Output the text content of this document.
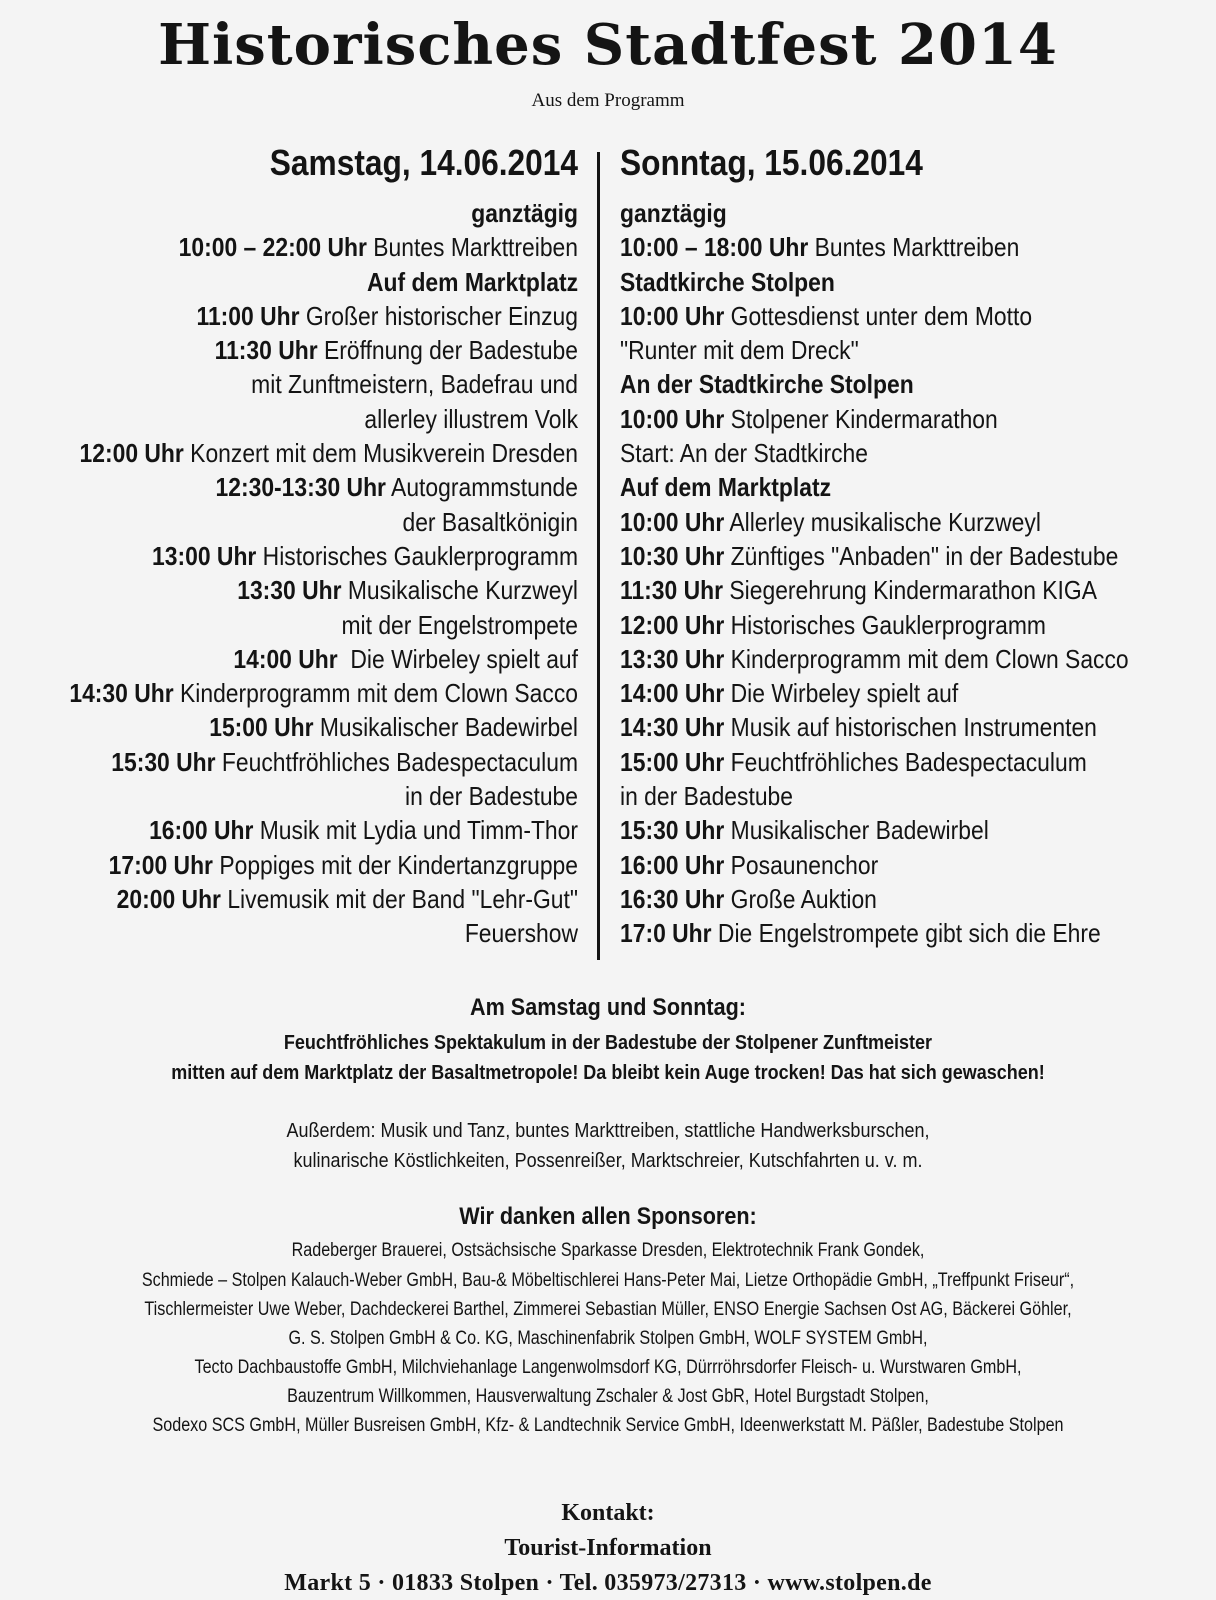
Historisches Stadtfest 2014
Aus dem Programm
Samstag, 14.06.2014
ganztägig
10:00 – 22:00 Uhr Buntes Markttreiben
Auf dem Marktplatz
11:00 Uhr Großer historischer Einzug
11:30 Uhr Eröffnung der Badestube
mit Zunftmeistern, Badefrau und
allerley illustrem Volk
12:00 Uhr Konzert mit dem Musikverein Dresden
12:30-13:30 Uhr Autogrammstunde
der Basaltkönigin
13:00 Uhr Historisches Gauklerprogramm
13:30 Uhr Musikalische Kurzweyl
mit der Engelstrompete
14:00 Uhr  Die Wirbeley spielt auf
14:30 Uhr Kinderprogramm mit dem Clown Sacco
15:00 Uhr Musikalischer Badewirbel
15:30 Uhr Feuchtfröhliches Badespectaculum
in der Badestube
16:00 Uhr Musik mit Lydia und Timm-Thor
17:00 Uhr Poppiges mit der Kindertanzgruppe
20:00 Uhr Livemusik mit der Band "Lehr-Gut"
Feuershow
Sonntag, 15.06.2014
ganztägig
10:00 – 18:00 Uhr Buntes Markttreiben
Stadtkirche Stolpen
10:00 Uhr Gottesdienst unter dem Motto
"Runter mit dem Dreck"
An der Stadtkirche Stolpen
10:00 Uhr Stolpener Kindermarathon
Start: An der Stadtkirche
Auf dem Marktplatz
10:00 Uhr Allerley musikalische Kurzweyl
10:30 Uhr Zünftiges "Anbaden" in der Badestube
11:30 Uhr Siegerehrung Kindermarathon KIGA
12:00 Uhr Historisches Gauklerprogramm
13:30 Uhr Kinderprogramm mit dem Clown Sacco
14:00 Uhr Die Wirbeley spielt auf
14:30 Uhr Musik auf historischen Instrumenten
15:00 Uhr Feuchtfröhliches Badespectaculum
in der Badestube
15:30 Uhr Musikalischer Badewirbel
16:00 Uhr Posaunenchor
16:30 Uhr Große Auktion
17:0 Uhr Die Engelstrompete gibt sich die Ehre
Am Samstag und Sonntag:
Feuchtfröhliches Spektakulum in der Badestube der Stolpener Zunftmeister
mitten auf dem Marktplatz der Basaltmetropole! Da bleibt kein Auge trocken! Das hat sich gewaschen!
Außerdem: Musik und Tanz, buntes Markttreiben, stattliche Handwerksburschen,
kulinarische Köstlichkeiten, Possenreißer, Marktschreier, Kutschfahrten u. v. m.
Wir danken allen Sponsoren:
Radeberger Brauerei, Ostsächsische Sparkasse Dresden, Elektrotechnik Frank Gondek,
Schmiede – Stolpen Kalauch-Weber GmbH, Bau-& Möbeltischlerei Hans-Peter Mai, Lietze Orthopädie GmbH, „Treffpunkt Friseur“,
Tischlermeister Uwe Weber, Dachdeckerei Barthel, Zimmerei Sebastian Müller, ENSO Energie Sachsen Ost AG, Bäckerei Göhler,
G. S. Stolpen GmbH & Co. KG, Maschinenfabrik Stolpen GmbH, WOLF SYSTEM GmbH,
Tecto Dachbaustoffe GmbH, Milchviehanlage Langenwolmsdorf KG, Dürrröhrsdorfer Fleisch- u. Wurstwaren GmbH,
Bauzentrum Willkommen, Hausverwaltung Zschaler & Jost GbR, Hotel Burgstadt Stolpen,
Sodexo SCS GmbH, Müller Busreisen GmbH, Kfz- & Landtechnik Service GmbH, Ideenwerkstatt M. Päßler, Badestube Stolpen
Kontakt:
Tourist-Information
Markt 5 · 01833 Stolpen · Tel. 035973/27313 · www.stolpen.de
